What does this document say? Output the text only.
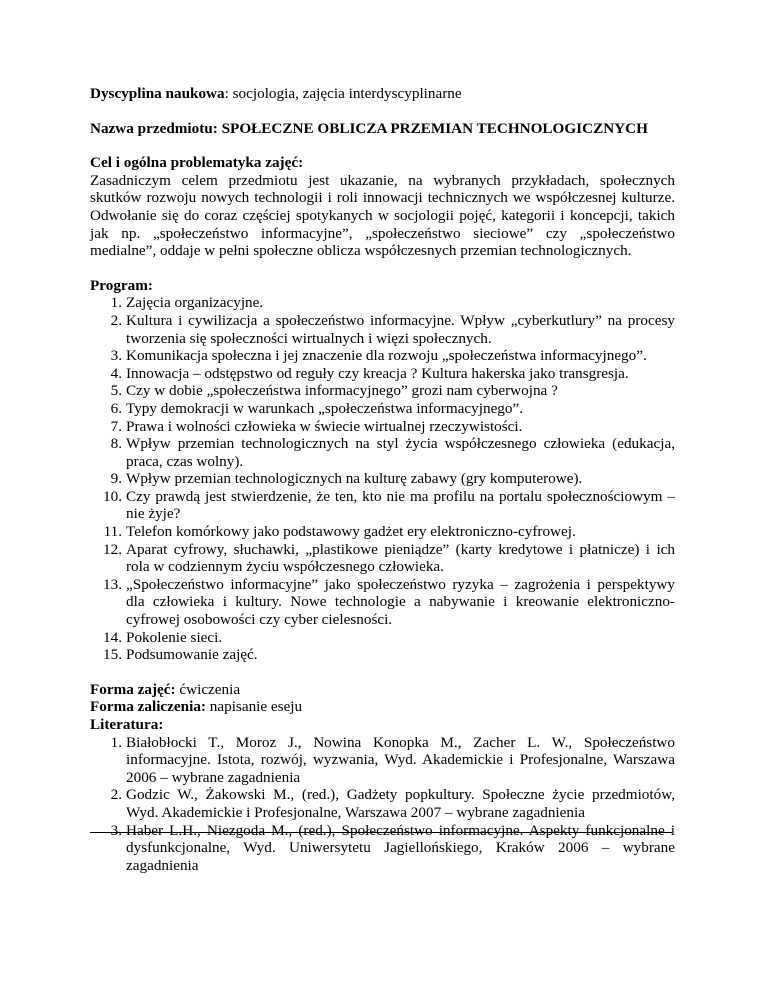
Dyscyplina naukowa: socjologia, zajęcia interdyscyplinarne

Nazwa przedmiotu: SPOŁECZNE OBLICZA PRZEMIAN TECHNOLOGICZNYCH

Cel i ogólna problematyka zajęć:

Zasadniczym celem przedmiotu jest ukazanie, na wybranych przykładach, społecznych skutków rozwoju nowych technologii i roli innowacji technicznych we współczesnej kulturze. Odwołanie się do coraz częściej spotykanych w socjologii pojęć, kategorii i koncepcji, takich jak np. „społeczeństwo informacyjne”, „społeczeństwo sieciowe” czy „społeczeństwo medialne”, oddaje w pełni społeczne oblicza współczesnych przemian technologicznych.

Program:

1. Zajęcia organizacyjne.
2. Kultura i cywilizacja a społeczeństwo informacyjne. Wpływ „cyberkutlury” na procesy tworzenia się społeczności wirtualnych i więzi społecznych.
3. Komunikacja społeczna i jej znaczenie dla rozwoju „społeczeństwa informacyjnego”.
4. Innowacja – odstępstwo od reguły czy kreacja ? Kultura hakerska jako transgresja.
5. Czy w dobie „społeczeństwa informacyjnego” grozi nam cyberwojna ?
6. Typy demokracji w warunkach „społeczeństwa informacyjnego”.
7. Prawa i wolności człowieka w świecie wirtualnej rzeczywistości.
8. Wpływ przemian technologicznych na styl życia współczesnego człowieka (edukacja, praca, czas wolny).
9. Wpływ przemian technologicznych na kulturę zabawy (gry komputerowe).
10. Czy prawdą jest stwierdzenie, że ten, kto nie ma profilu na portalu społecznościowym – nie żyje?
11. Telefon komórkowy jako podstawowy gadżet ery elektroniczno-cyfrowej.
12. Aparat cyfrowy, słuchawki, „plastikowe pieniądze” (karty kredytowe i płatnicze) i ich rola w codziennym życiu współczesnego człowieka.
13. „Społeczeństwo informacyjne” jako społeczeństwo ryzyka – zagrożenia i perspektywy dla człowieka i kultury. Nowe technologie a nabywanie i kreowanie elektroniczno-cyfrowej osobowości czy cyber cielesności.
14. Pokolenie sieci.
15. Podsumowanie zajęć.

Forma zajęć: ćwiczenia

Forma zaliczenia: napisanie eseju

Literatura:

1. Białobłocki T., Moroz J., Nowina Konopka M., Zacher L. W., Społeczeństwo informacyjne. Istota, rozwój, wyzwania, Wyd. Akademickie i Profesjonalne, Warszawa 2006 – wybrane zagadnienia
2. Godzic W., Żakowski M., (red.), Gadżety popkultury. Społeczne życie przedmiotów, Wyd. Akademickie i Profesjonalne, Warszawa 2007 – wybrane zagadnienia
3. Haber L.H., Niezgoda M., (red.), Społeczeństwo informacyjne. Aspekty funkcjonalne i dysfunkcjonalne, Wyd. Uniwersytetu Jagiellońskiego, Kraków 2006 – wybrane zagadnienia
